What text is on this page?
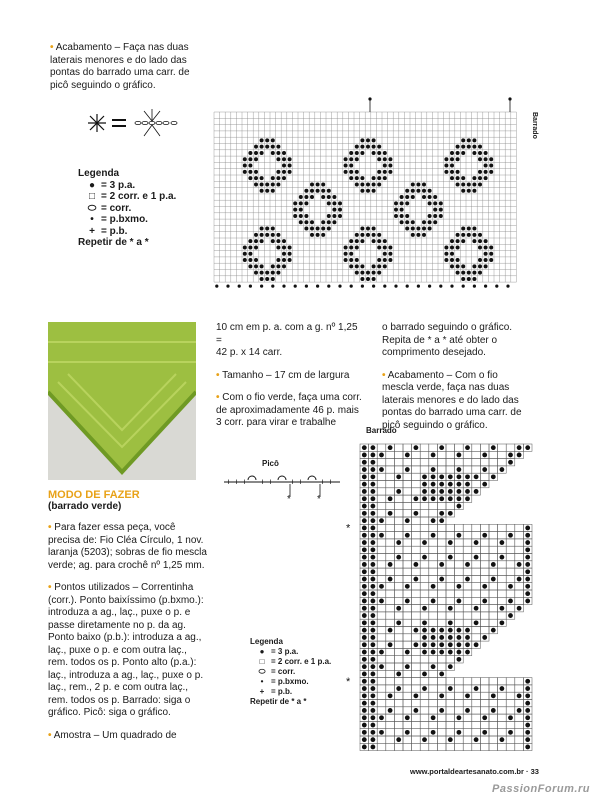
• Acabamento – Faça nas duas laterais menores e do lado das pontas do barrado uma carr. de picô seguindo o gráfico.
Legenda
● = 3 p.a.
□ = 2 corr. e 1 p.a.
⬭ = corr.
• = p.bxmo.
+ = p.b.
Repetir de * a *
Barrado
MODO DE FAZER
(barrado verde)
• Para fazer essa peça, você precisa de: Fio Cléa Círculo, 1 nov. laranja (5203); sobras de fio mescla verde; ag. para crochê nº 1,25 mm.
• Pontos utilizados – Correntinha (corr.). Ponto baixíssimo (p.bxmo.): introduza a ag., laç., puxe o p. e passe diretamente no p. da ag. Ponto baixo (p.b.): introduza a ag., laç., puxe o p. e com outra laç., rem. todos os p. Ponto alto (p.a.): laç., introduza a ag., laç., puxe o p. laç., rem., 2 p. e com outra laç., rem. todos os p. Barrado: siga o gráfico. Picô: siga o gráfico.
• Amostra – Um quadrado de
10 cm em p. a. com a g. nº 1,25 =
42 p. x 14 carr.
• Tamanho – 17 cm de largura
• Com o fio verde, faça uma corr. de aproximadamente 46 p. mais 3 corr. para virar e trabalhe
o barrado seguindo o gráfico. Repita de * a * até obter o comprimento desejado.
• Acabamento – Com o fio mescla verde, faça nas duas laterais menores e do lado das pontas do barrado uma carr. de picô seguindo o gráfico.
Barrado
Picô
+ + + + + + + + +
*	*
Legenda
● = 3 p.a.
□ = 2 corr. e 1 p.a.
⬭ = corr.
• = p.bxmo.
+ = p.b.
Repetir de * a *
*
*
www.portaldeartesanato.com.br · 33
PassionForum.ru
